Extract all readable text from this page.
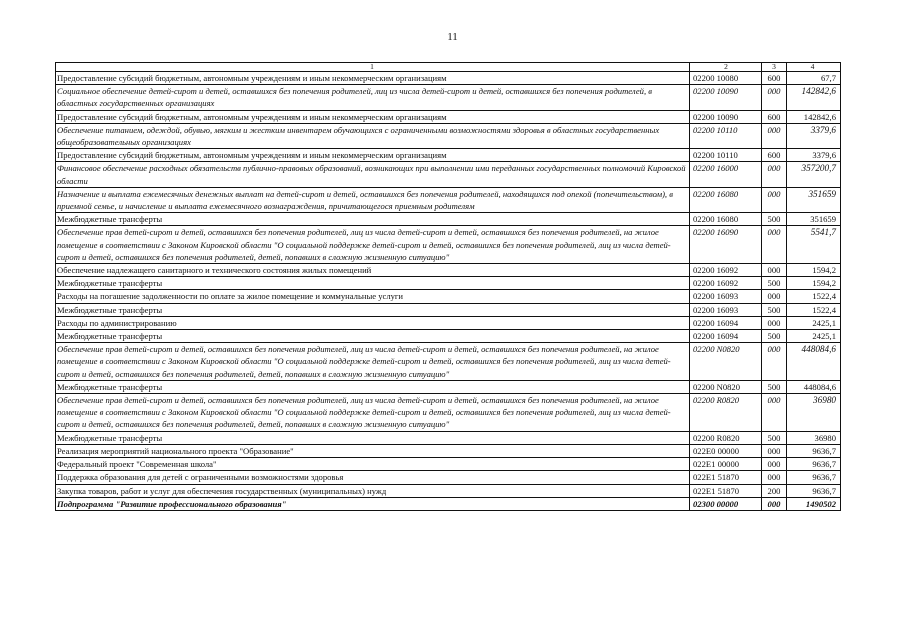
11
1	2	3	4
Предоставление субсидий бюджетным, автономным учреждениям и иным некоммерческим организациям	02200 10080	600	67,7
Социальное обеспечение детей-сирот и детей, оставшихся без попечения родителей, лиц из числа детей-сирот и детей, оставшихся без попечения родителей, в областных государственных организациях	02200 10090	000	142842,6
Предоставление субсидий бюджетным, автономным учреждениям и иным некоммерческим организациям	02200 10090	600	142842,6
Обеспечение питанием, одеждой, обувью, мягким и жестким инвентарем обучающихся с ограниченными возможностями здоровья в областных государственных общеобразовательных организациях	02200 10110	000	3379,6
Предоставление субсидий бюджетным, автономным учреждениям и иным некоммерческим организациям	02200 10110	600	3379,6
Финансовое обеспечение расходных обязательств публично-правовых образований, возникающих при выполнении ими переданных государственных полномочий Кировской области	02200 16000	000	357200,7
Назначение и выплата ежемесячных денежных выплат на детей-сирот и детей, оставшихся без попечения родителей, находящихся под опекой (попечительством), в приемной семье, и начисление и выплата ежемесячного вознаграждения, причитающегося приемным родителям	02200 16080	000	351659
Межбюджетные трансферты	02200 16080	500	351659
Обеспечение прав детей-сирот и детей, оставшихся без попечения родителей, лиц из числа детей-сирот и детей, оставшихся без попечения родителей, на жилое помещение в соответствии с Законом Кировской области "О социальной поддержке детей-сирот и детей, оставшихся без попечения родителей, лиц из числа детей-сирот и детей, оставшихся без попечения родителей, детей, попавших в сложную жизненную ситуацию"	02200 16090	000	5541,7
Обеспечение надлежащего санитарного и технического состояния жилых помещений	02200 16092	000	1594,2
Межбюджетные трансферты	02200 16092	500	1594,2
Расходы на погашение задолженности по оплате за жилое помещение и коммунальные услуги	02200 16093	000	1522,4
Межбюджетные трансферты	02200 16093	500	1522,4
Расходы по администрированию	02200 16094	000	2425,1
Межбюджетные трансферты	02200 16094	500	2425,1
Обеспечение прав детей-сирот и детей, оставшихся без попечения родителей, лиц из числа детей-сирот и детей, оставшихся без попечения родителей, на жилое помещение в соответствии с Законом Кировской области "О социальной поддержке детей-сирот и детей, оставшихся без попечения родителей, лиц из числа детей-сирот и детей, оставшихся без попечения родителей, детей, попавших в сложную жизненную ситуацию"	02200 N0820	000	448084,6
Межбюджетные трансферты	02200 N0820	500	448084,6
Обеспечение прав детей-сирот и детей, оставшихся без попечения родителей, лиц из числа детей-сирот и детей, оставшихся без попечения родителей, на жилое помещение в соответствии с Законом Кировской области "О социальной поддержке детей-сирот и детей, оставшихся без попечения родителей, лиц из числа детей-сирот и детей, оставшихся без попечения родителей, детей, попавших в сложную жизненную ситуацию"	02200 R0820	000	36980
Межбюджетные трансферты	02200 R0820	500	36980
Реализация мероприятий национального проекта "Образование"	022E0 00000	000	9636,7
Федеральный проект "Современная школа"	022E1 00000	000	9636,7
Поддержка образования для детей с ограниченными возможностями здоровья	022E1 51870	000	9636,7
Закупка товаров, работ и услуг для обеспечения государственных (муниципальных) нужд	022E1 51870	200	9636,7
Подпрограмма "Развитие профессионального образования"	02300 00000	000	1490502
